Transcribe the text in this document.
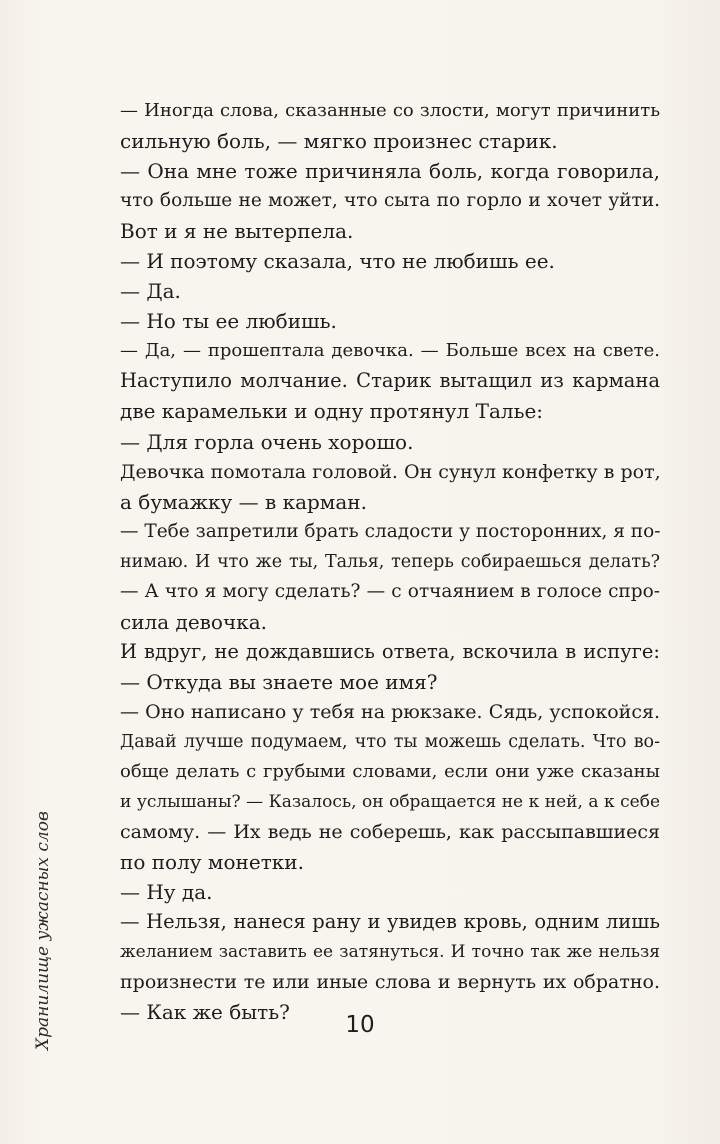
Хранилище ужасных слов
— Иногда слова, сказанные со злости, могут причинить
сильную боль, — мягко произнес старик.
— Она мне тоже причиняла боль, когда говорила,
что больше не может, что сыта по горло и хочет уйти.
Вот и я не вытерпела.
— И поэтому сказала, что не любишь ее.
— Да.
— Но ты ее любишь.
— Да, — прошептала девочка. — Больше всех на свете.
Наступило молчание. Старик вытащил из кармана
две карамельки и одну протянул Талье:
— Для горла очень хорошо.
Девочка помотала головой. Он сунул конфетку в рот,
а бумажку — в карман.
— Тебе запретили брать сладости у посторонних, я по-
нимаю. И что же ты, Талья, теперь собираешься делать?
— А что я могу сделать? — с отчаянием в голосе спро-
сила девочка.
И вдруг, не дождавшись ответа, вскочила в испуге:
— Откуда вы знаете мое имя?
— Оно написано у тебя на рюкзаке. Сядь, успокойся.
Давай лучше подумаем, что ты можешь сделать. Что во-
обще делать с грубыми словами, если они уже сказаны
и услышаны? — Казалось, он обращается не к ней, а к себе
самому. — Их ведь не соберешь, как рассыпавшиеся
по полу монетки.
— Ну да.
— Нельзя, нанеся рану и увидев кровь, одним лишь
желанием заставить ее затянуться. И точно так же нельзя
произнести те или иные слова и вернуть их обратно.
— Как же быть?	10
